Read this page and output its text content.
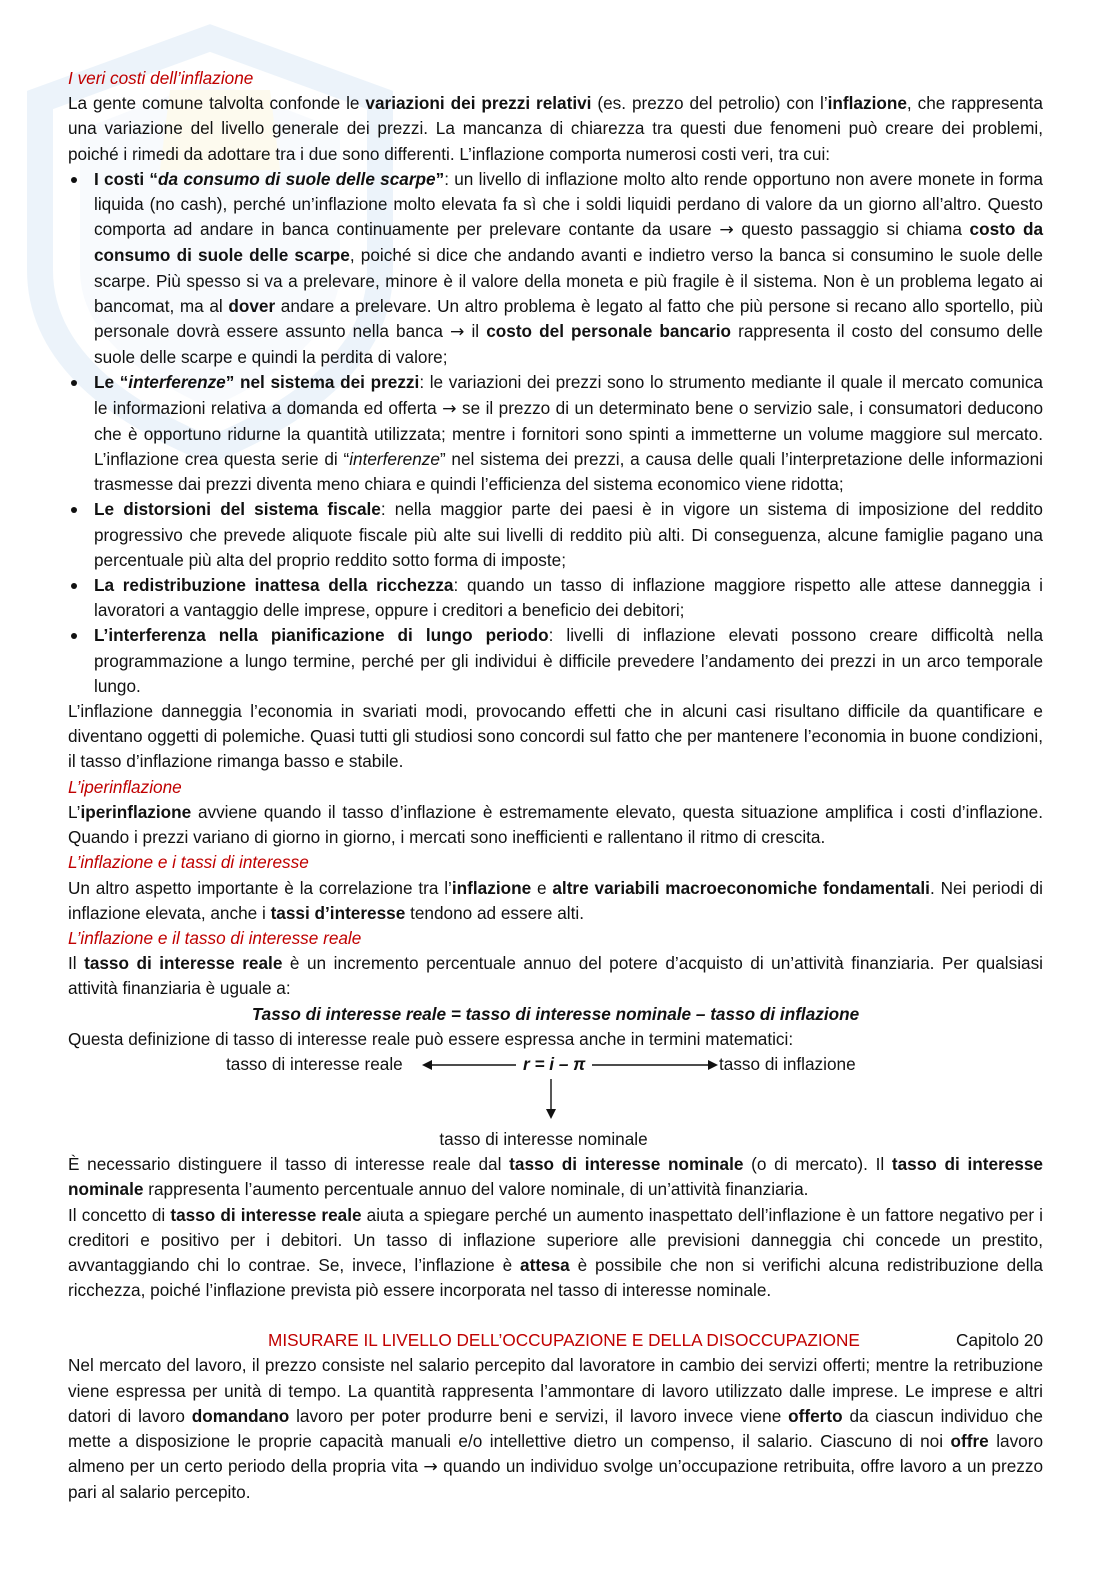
I veri costi dell’inflazione

La gente comune talvolta confonde le variazioni dei prezzi relativi (es. prezzo del petrolio) con l’inflazione, che rappresenta una variazione del livello generale dei prezzi. La mancanza di chiarezza tra questi due fenomeni può creare dei problemi, poiché i rimedi da adottare tra i due sono differenti. L’inflazione comporta numerosi costi veri, tra cui:

I costi “da consumo di suole delle scarpe”: un livello di inflazione molto alto rende opportuno non avere monete in forma liquida (no cash), perché un’inflazione molto elevata fa sì che i soldi liquidi perdano di valore da un giorno all’altro. Questo comporta ad andare in banca continuamente per prelevare contante da usare → questo passaggio si chiama costo da consumo di suole delle scarpe, poiché si dice che andando avanti e indietro verso la banca si consumino le suole delle scarpe. Più spesso si va a prelevare, minore è il valore della moneta e più fragile è il sistema. Non è un problema legato ai bancomat, ma al dover andare a prelevare. Un altro problema è legato al fatto che più persone si recano allo sportello, più personale dovrà essere assunto nella banca → il costo del personale bancario rappresenta il costo del consumo delle suole delle scarpe e quindi la perdita di valore;
Le “interferenze” nel sistema dei prezzi: le variazioni dei prezzi sono lo strumento mediante il quale il mercato comunica le informazioni relativa a domanda ed offerta → se il prezzo di un determinato bene o servizio sale, i consumatori deducono che è opportuno ridurne la quantità utilizzata; mentre i fornitori sono spinti a immetterne un volume maggiore sul mercato. L’inflazione crea questa serie di “interferenze” nel sistema dei prezzi, a causa delle quali l’interpretazione delle informazioni trasmesse dai prezzi diventa meno chiara e quindi l’efficienza del sistema economico viene ridotta;
Le distorsioni del sistema fiscale: nella maggior parte dei paesi è in vigore un sistema di imposizione del reddito progressivo che prevede aliquote fiscale più alte sui livelli di reddito più alti. Di conseguenza, alcune famiglie pagano una percentuale più alta del proprio reddito sotto forma di imposte;
La redistribuzione inattesa della ricchezza: quando un tasso di inflazione maggiore rispetto alle attese danneggia i lavoratori a vantaggio delle imprese, oppure i creditori a beneficio dei debitori;
L’interferenza nella pianificazione di lungo periodo: livelli di inflazione elevati possono creare difficoltà nella programmazione a lungo termine, perché per gli individui è difficile prevedere l’andamento dei prezzi in un arco temporale lungo.

L’inflazione danneggia l’economia in svariati modi, provocando effetti che in alcuni casi risultano difficile da quantificare e diventano oggetti di polemiche. Quasi tutti gli studiosi sono concordi sul fatto che per mantenere l’economia in buone condizioni, il tasso d’inflazione rimanga basso e stabile.

L’iperinflazione

L’iperinflazione avviene quando il tasso d’inflazione è estremamente elevato, questa situazione amplifica i costi d’inflazione. Quando i prezzi variano di giorno in giorno, i mercati sono inefficienti e rallentano il ritmo di crescita.

L’inflazione e i tassi di interesse

Un altro aspetto importante è la correlazione tra l’inflazione e altre variabili macroeconomiche fondamentali. Nei periodi di inflazione elevata, anche i tassi d’interesse tendono ad essere alti.

L’inflazione e il tasso di interesse reale

Il tasso di interesse reale è un incremento percentuale annuo del potere d’acquisto di un’attività finanziaria. Per qualsiasi attività finanziaria è uguale a:

Tasso di interesse reale = tasso di interesse nominale – tasso di inflazione

Questa definizione di tasso di interesse reale può essere espressa anche in termini matematici:

tasso di interesse reale	r = i – π	tasso di inflazione

tasso di interesse nominale

È necessario distinguere il tasso di interesse reale dal tasso di interesse nominale (o di mercato). Il tasso di interesse nominale rappresenta l’aumento percentuale annuo del valore nominale, di un’attività finanziaria.

Il concetto di tasso di interesse reale aiuta a spiegare perché un aumento inaspettato dell’inflazione è un fattore negativo per i creditori e positivo per i debitori. Un tasso di inflazione superiore alle previsioni danneggia chi concede un prestito, avvantaggiando chi lo contrae. Se, invece, l’inflazione è attesa è possibile che non si verifichi alcuna redistribuzione della ricchezza, poiché l’inflazione prevista piò essere incorporata nel tasso di interesse nominale.

MISURARE IL LIVELLO DELL’OCCUPAZIONE E DELLA DISOCCUPAZIONE	Capitolo 20

Nel mercato del lavoro, il prezzo consiste nel salario percepito dal lavoratore in cambio dei servizi offerti; mentre la retribuzione viene espressa per unità di tempo. La quantità rappresenta l’ammontare di lavoro utilizzato dalle imprese. Le imprese e altri datori di lavoro domandano lavoro per poter produrre beni e servizi, il lavoro invece viene offerto da ciascun individuo che mette a disposizione le proprie capacità manuali e/o intellettive dietro un compenso, il salario. Ciascuno di noi offre lavoro almeno per un certo periodo della propria vita → quando un individuo svolge un’occupazione retribuita, offre lavoro a un prezzo pari al salario percepito.
